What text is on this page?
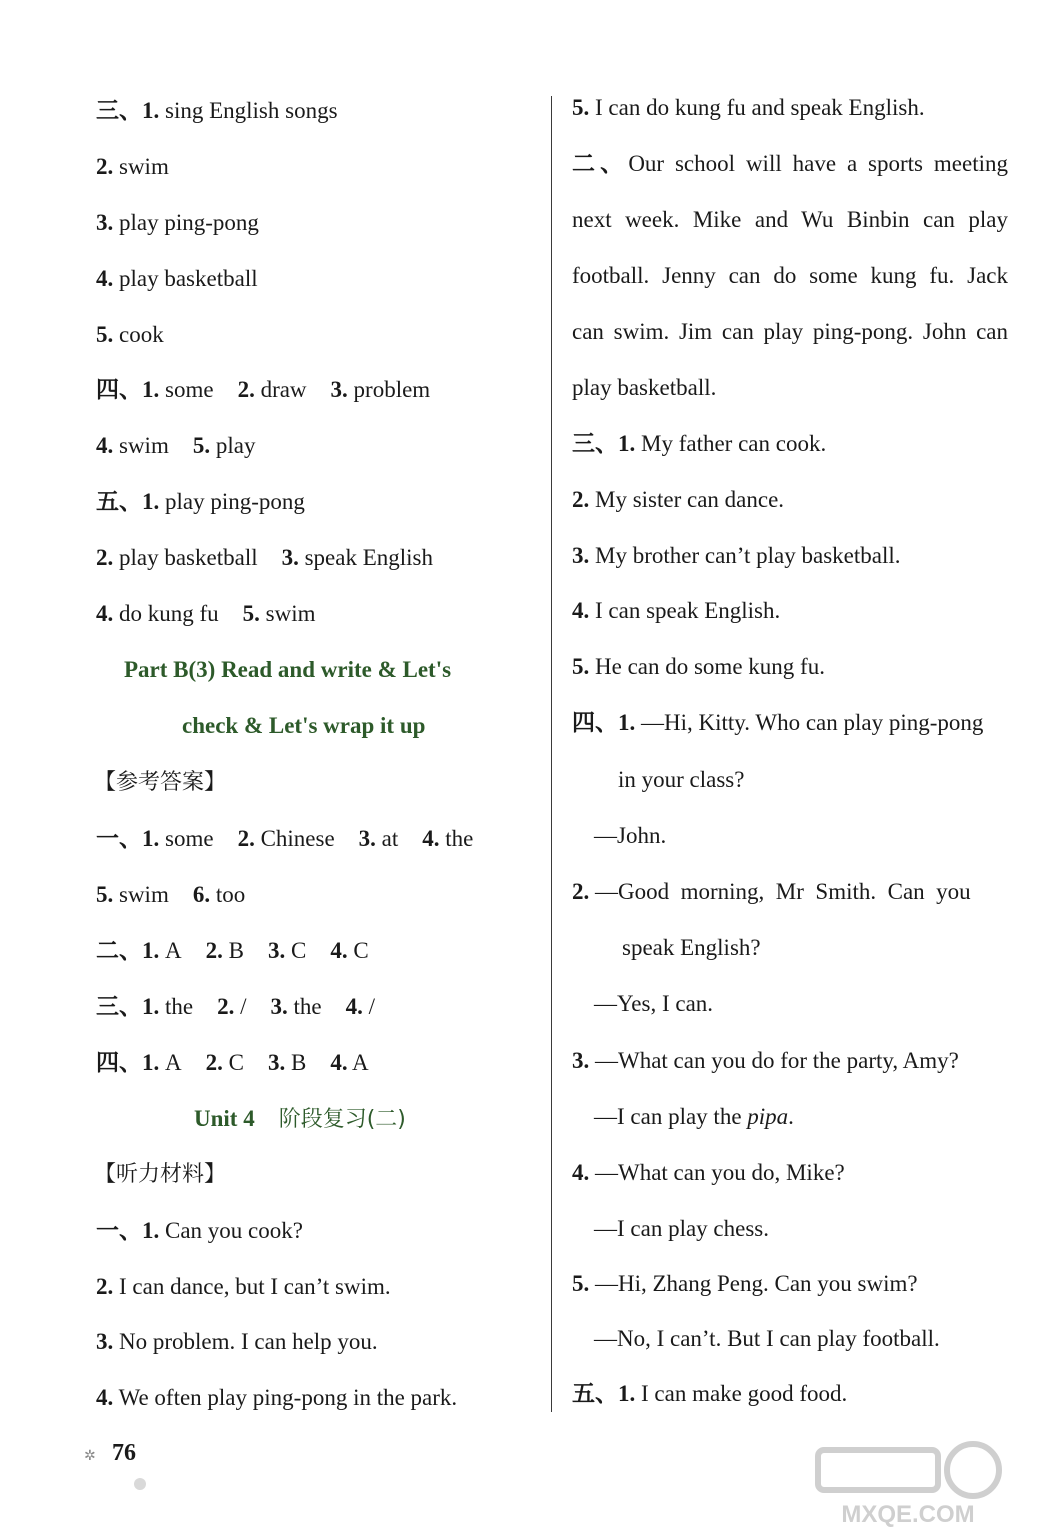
三、1. sing English songs
2. swim
3. play ping-pong
4. play basketball
5. cook
四、1. some 2. draw 3. problem
4. swim 5. play
五、1. play ping-pong
2. play basketball 3. speak English
4. do kung fu 5. swim
Part B(3) Read and write & Let's
check & Let's wrap it up
【参考答案】
一、1. some 2. Chinese 3. at 4. the
5. swim 6. too
二、1. A 2. B 3. C 4. C
三、1. the 2. / 3. the 4. /
四、1. A 2. C 3. B 4. A
Unit 4 阶段复习(二)
【听力材料】
一、1. Can you cook?
2. I can dance, but I can’t swim.
3. No problem. I can help you.
4. We often play ping-pong in the park.
5. I can do kung fu and speak English.
二、Our school will have a sports meeting
next week. Mike and Wu Binbin can play
football. Jenny can do some kung fu. Jack
can swim. Jim can play ping-pong. John can
play basketball.
三、1. My father can cook.
2. My sister can dance.
3. My brother can’t play basketball.
4. I can speak English.
5. He can do some kung fu.
四、1. —Hi, Kitty. Who can play ping-pong
in your class?
—John.
2. —Good  morning,  Mr  Smith.  Can  you
speak English?
—Yes, I can.
3. —What can you do for the party, Amy?
—I can play the pipa.
4. —What can you do, Mike?
—I can play chess.
5. —Hi, Zhang Peng. Can you swim?
—No, I can’t. But I can play football.
五、1. I can make good food.
✲ 76
MXQE.COM
